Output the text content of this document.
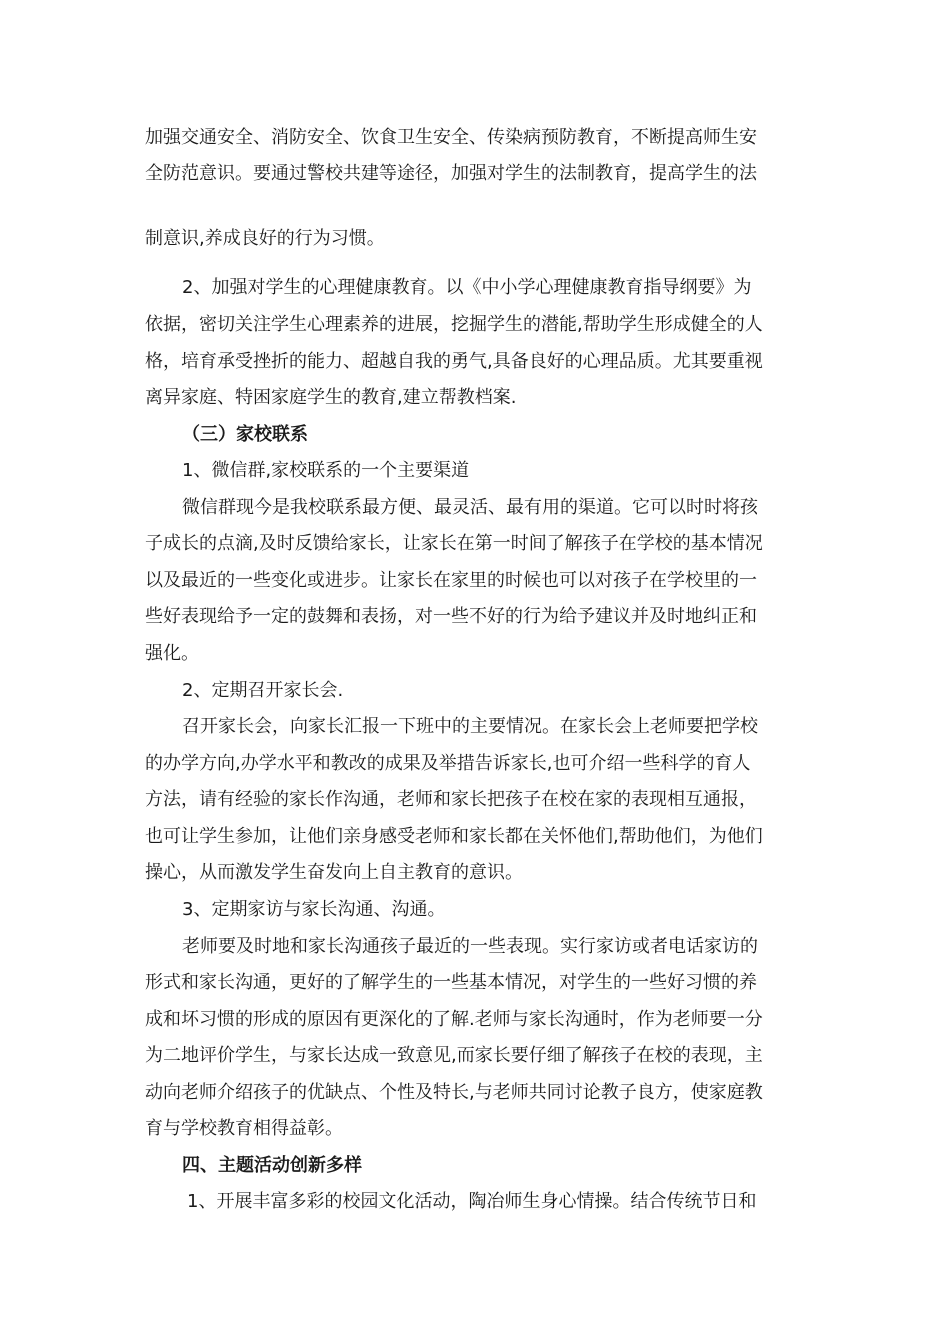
加强交通安全、消防安全、饮食卫生安全、传染病预防教育，不断提高师生安
全防范意识。要通过警校共建等途径，加强对学生的法制教育，提高学生的法
制意识,养成良好的行为习惯。
2、加强对学生的心理健康教育。以《中小学心理健康教育指导纲要》为
依据，密切关注学生心理素养的进展，挖掘学生的潜能,帮助学生形成健全的人
格，培育承受挫折的能力、超越自我的勇气,具备良好的心理品质。尤其要重视
离异家庭、特困家庭学生的教育,建立帮教档案.
（三）家校联系
1、微信群,家校联系的一个主要渠道
微信群现今是我校联系最方便、最灵活、最有用的渠道。它可以时时将孩
子成长的点滴,及时反馈给家长，让家长在第一时间了解孩子在学校的基本情况
以及最近的一些变化或进步。让家长在家里的时候也可以对孩子在学校里的一
些好表现给予一定的鼓舞和表扬，对一些不好的行为给予建议并及时地纠正和
强化。
2、定期召开家长会.
召开家长会，向家长汇报一下班中的主要情况。在家长会上老师要把学校
的办学方向,办学水平和教改的成果及举措告诉家长,也可介绍一些科学的育人
方法，请有经验的家长作沟通，老师和家长把孩子在校在家的表现相互通报，
也可让学生参加，让他们亲身感受老师和家长都在关怀他们,帮助他们，为他们
操心，从而激发学生奋发向上自主教育的意识。
3、定期家访与家长沟通、沟通。
老师要及时地和家长沟通孩子最近的一些表现。实行家访或者电话家访的
形式和家长沟通，更好的了解学生的一些基本情况，对学生的一些好习惯的养
成和坏习惯的形成的原因有更深化的了解.老师与家长沟通时，作为老师要一分
为二地评价学生，与家长达成一致意见,而家长要仔细了解孩子在校的表现，主
动向老师介绍孩子的优缺点、个性及特长,与老师共同讨论教子良方，使家庭教
育与学校教育相得益彰。
四、主题活动创新多样
1、开展丰富多彩的校园文化活动，陶冶师生身心情操。结合传统节日和
